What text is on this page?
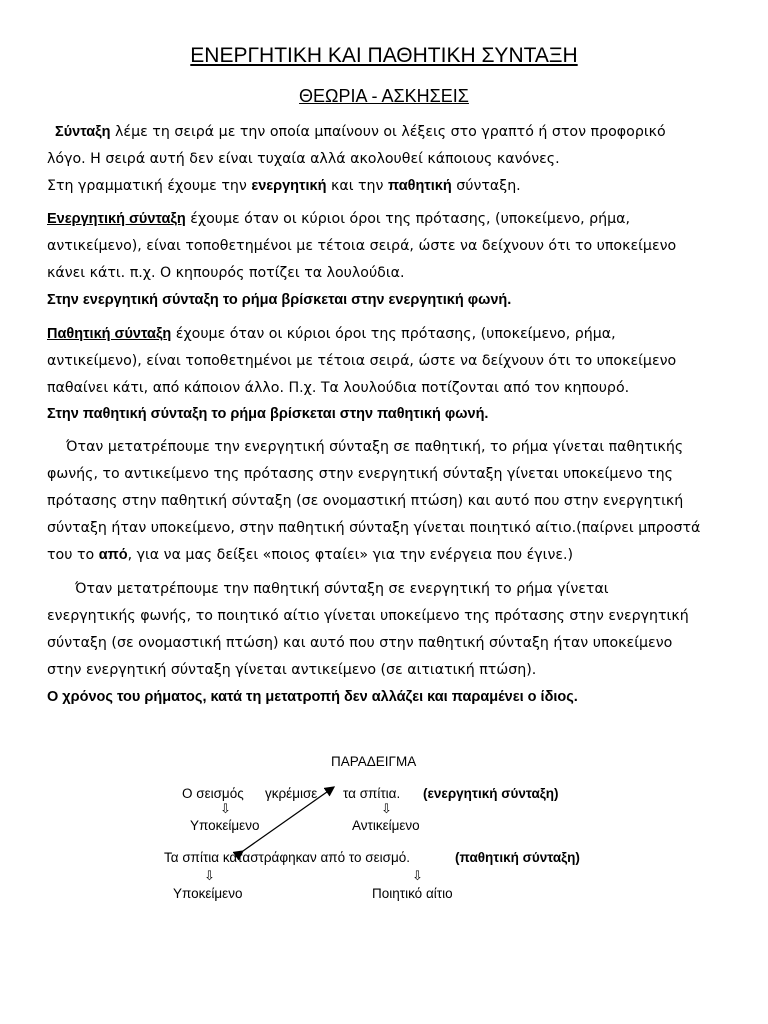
ΕΝΕΡΓΗΤΙΚΗ ΚΑΙ ΠΑΘΗΤΙΚΗ ΣΥΝΤΑΞΗ
ΘΕΩΡΙΑ - ΑΣΚΗΣΕΙΣ
Σύνταξη λέμε τη σειρά με την οποία μπαίνουν οι λέξεις στο γραπτό ή στον προφορικό
λόγο. Η σειρά αυτή δεν είναι τυχαία αλλά ακολουθεί κάποιους κανόνες.
Στη γραμματική έχουμε την ενεργητική και την παθητική σύνταξη.
Ενεργητική σύνταξη έχουμε όταν οι κύριοι όροι της πρότασης, (υποκείμενο, ρήμα,
αντικείμενο), είναι τοποθετημένοι με τέτοια σειρά, ώστε να δείχνουν ότι το υποκείμενο
κάνει κάτι. π.χ. Ο κηπουρός ποτίζει τα λουλούδια.
Στην ενεργητική σύνταξη το ρήμα βρίσκεται στην ενεργητική φωνή.
Παθητική σύνταξη έχουμε όταν οι κύριοι όροι της πρότασης, (υποκείμενο, ρήμα,
αντικείμενο), είναι τοποθετημένοι με τέτοια σειρά, ώστε να δείχνουν ότι το υποκείμενο
παθαίνει κάτι, από κάποιον άλλο. Π.χ. Τα λουλούδια ποτίζονται από τον κηπουρό.
Στην παθητική σύνταξη το ρήμα βρίσκεται στην παθητική φωνή.
Όταν μετατρέπουμε την ενεργητική σύνταξη σε παθητική, το ρήμα γίνεται παθητικής
φωνής, το αντικείμενο της πρότασης στην ενεργητική σύνταξη γίνεται υποκείμενο της
πρότασης στην παθητική σύνταξη (σε ονομαστική πτώση) και αυτό που στην ενεργητική
σύνταξη ήταν υποκείμενο, στην παθητική σύνταξη γίνεται ποιητικό αίτιο.(παίρνει μπροστά
του το από, για να μας δείξει «ποιος φταίει» για την ενέργεια που έγινε.)
Όταν μετατρέπουμε την παθητική σύνταξη σε ενεργητική το ρήμα γίνεται
ενεργητικής φωνής, το ποιητικό αίτιο γίνεται υποκείμενο της πρότασης στην ενεργητική
σύνταξη (σε ονομαστική πτώση) και αυτό που στην παθητική σύνταξη ήταν υποκείμενο
στην ενεργητική σύνταξη γίνεται αντικείμενο (σε αιτιατική πτώση).
Ο χρόνος του ρήματος, κατά τη μετατροπή δεν αλλάζει και παραμένει ο ίδιος.
ΠΑΡΑΔΕΙΓΜΑ
Ο σεισμός γκρέμισε τα σπίτια. (ενεργητική σύνταξη)
⇩	⇩
Υποκείμενο	Αντικείμενο
Τα σπίτια καταστράφηκαν από το σεισμό.	(παθητική σύνταξη)
⇩	⇩
Υποκείμενο	Ποιητικό αίτιο
